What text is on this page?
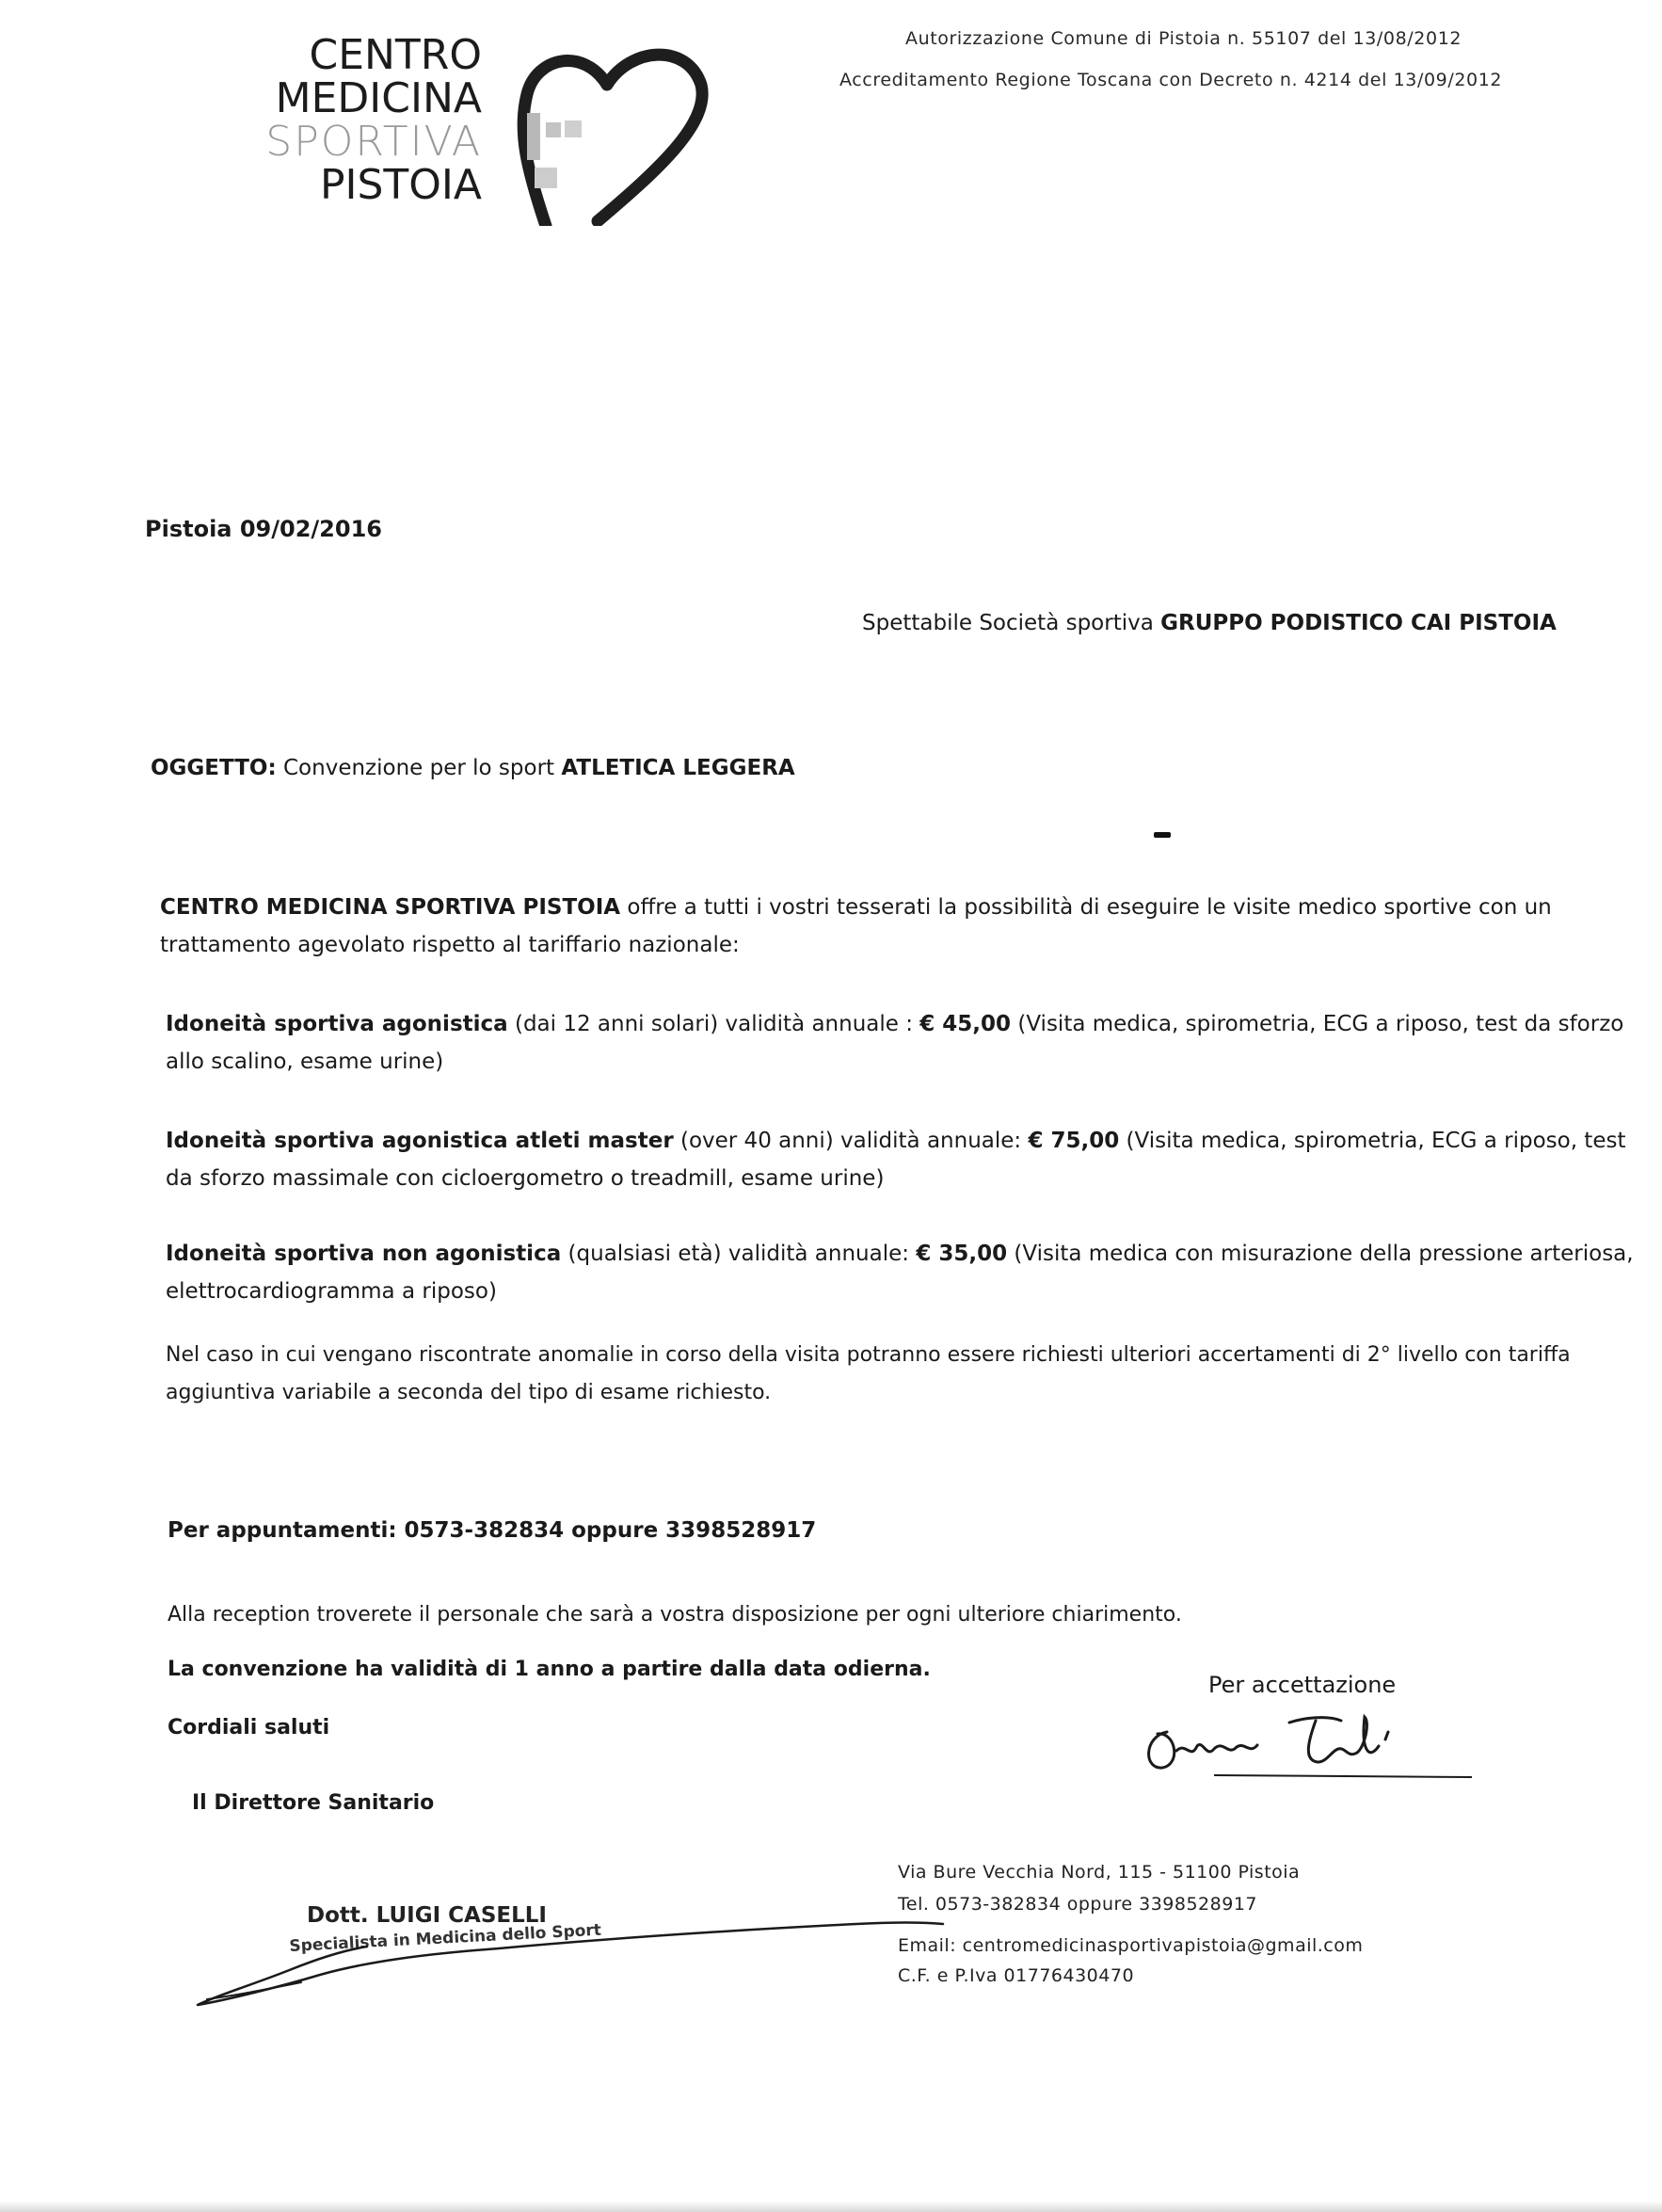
CENTRO
MEDICINA
SPORTIVA
PISTOIA
Autorizzazione Comune di Pistoia n. 55107 del 13/08/2012
Accreditamento Regione Toscana con Decreto n. 4214 del 13/09/2012
Pistoia 09/02/2016
Spettabile Società sportiva GRUPPO PODISTICO CAI PISTOIA
OGGETTO: Convenzione per lo sport ATLETICA LEGGERA
CENTRO MEDICINA SPORTIVA PISTOIA offre a tutti i vostri tesserati la possibilità di eseguire le visite medico sportive con un trattamento agevolato rispetto al tariffario nazionale:
Idoneità sportiva agonistica (dai 12 anni solari) validità annuale : € 45,00 (Visita medica, spirometria, ECG a riposo, test da sforzo allo scalino, esame urine)
Idoneità sportiva agonistica atleti master (over 40 anni) validità annuale: € 75,00 (Visita medica, spirometria, ECG a riposo, test da sforzo massimale con cicloergometro o treadmill, esame urine)
Idoneità sportiva non agonistica (qualsiasi età) validità annuale: € 35,00 (Visita medica con misurazione della pressione arteriosa, elettrocardiogramma a riposo)
Nel caso in cui vengano riscontrate anomalie in corso della visita potranno essere richiesti ulteriori accertamenti di 2° livello con tariffa aggiuntiva variabile a seconda del tipo di esame richiesto.
Per appuntamenti: 0573-382834 oppure 3398528917
Alla reception troverete il personale che sarà a vostra disposizione per ogni ulteriore chiarimento.
La convenzione ha validità di 1 anno a partire dalla data odierna.
Cordiali saluti
Il Direttore Sanitario
Per accettazione
Dott. LUIGI CASELLI
Specialista in Medicina dello Sport
Via Bure Vecchia Nord, 115 - 51100 Pistoia
Tel. 0573-382834 oppure 3398528917
Email: centromedicinasportivapistoia@gmail.com
C.F. e P.Iva 01776430470
